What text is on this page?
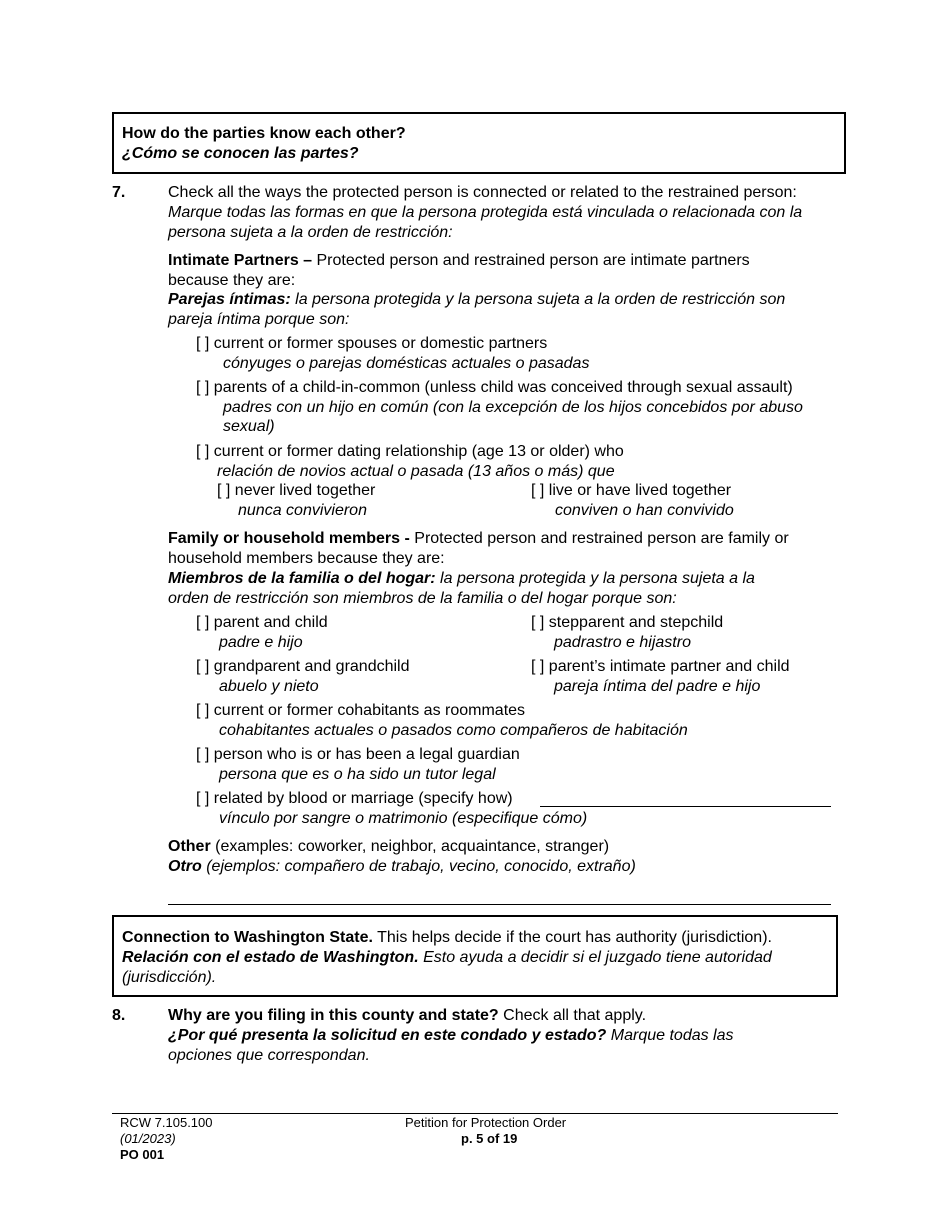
How do the parties know each other?
¿Cómo se conocen las partes?
7.	Check all the ways the protected person is connected or related to the restrained person:
Marque todas las formas en que la persona protegida está vinculada o relacionada con la
persona sujeta a la orden de restricción:
Intimate Partners – Protected person and restrained person are intimate partners
because they are:
Parejas íntimas: la persona protegida y la persona sujeta a la orden de restricción son
pareja íntima porque son:
[ ] current or former spouses or domestic partners
cónyuges o parejas domésticas actuales o pasadas
[ ] parents of a child-in-common (unless child was conceived through sexual assault)
padres con un hijo en común (con la excepción de los hijos concebidos por abuso
sexual)
[ ] current or former dating relationship (age 13 or older) who
relación de novios actual o pasada (13 años o más) que
[ ] never lived together
nunca convivieron
[ ] live or have lived together
conviven o han convivido
Family or household members - Protected person and restrained person are family or
household members because they are:
Miembros de la familia o del hogar: la persona protegida y la persona sujeta a la
orden de restricción son miembros de la familia o del hogar porque son:
[ ] parent and child
padre e hijo
[ ] stepparent and stepchild
padrastro e hijastro
[ ] grandparent and grandchild
abuelo y nieto
[ ] parent’s intimate partner and child
pareja íntima del padre e hijo
[ ] current or former cohabitants as roommates
cohabitantes actuales o pasados como compañeros de habitación
[ ] person who is or has been a legal guardian
persona que es o ha sido un tutor legal
[ ] related by blood or marriage (specify how)
vínculo por sangre o matrimonio (especifique cómo)
Other (examples: coworker, neighbor, acquaintance, stranger)
Otro (ejemplos: compañero de trabajo, vecino, conocido, extraño)
Connection to Washington State. This helps decide if the court has authority (jurisdiction).
Relación con el estado de Washington. Esto ayuda a decidir si el juzgado tiene autoridad
(jurisdicción).
8.	Why are you filing in this county and state? Check all that apply.
¿Por qué presenta la solicitud en este condado y estado? Marque todas las
opciones que correspondan.
RCW 7.105.100
(01/2023)
PO 001
Petition for Protection Order
p. 5 of 19
